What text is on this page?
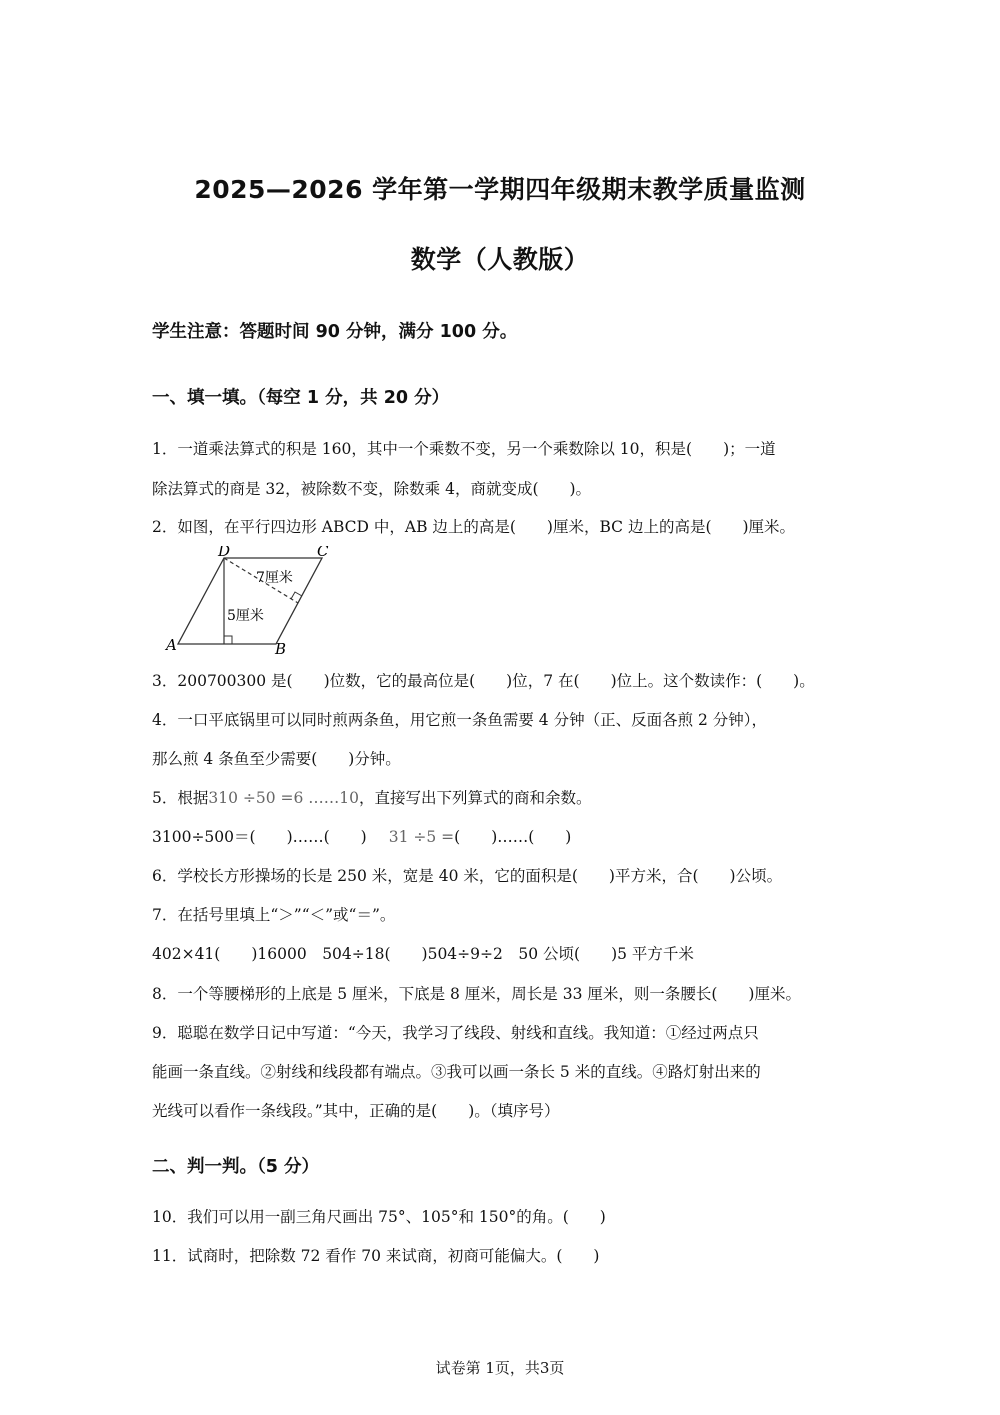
2025—2026 学年第一学期四年级期末教学质量监测
数学（人教版）
学生注意：答题时间 90 分钟，满分 100 分。
一、填一填。（每空 1 分，共 20 分）
1．一道乘法算式的积是 160，其中一个乘数不变，另一个乘数除以 10，积是(　　)；一道
除法算式的商是 32，被除数不变，除数乘 4，商就变成(　　)。
2．如图，在平行四边形 ABCD 中，AB 边上的高是(　　)厘米，BC 边上的高是(　　)厘米。
D	C
A	B
7厘米
5厘米
3．200700300 是(　　)位数，它的最高位是(　　)位，7 在(　　)位上。这个数读作：(　　)。
4．一口平底锅里可以同时煎两条鱼，用它煎一条鱼需要 4 分钟（正、反面各煎 2 分钟），
那么煎 4 条鱼至少需要(　　)分钟。
5．根据310 ÷50 =6 ……10，直接写出下列算式的商和余数。
3100÷500＝(　　)……(　　) 31 ÷5 =(　　)……(　　)
6．学校长方形操场的长是 250 米，宽是 40 米，它的面积是(　　)平方米，合(　　)公顷。
7．在括号里填上“＞”“＜”或“＝”。
402×41(　　)16000　504÷18(　　)504÷9÷2　50 公顷(　　)5 平方千米
8．一个等腰梯形的上底是 5 厘米，下底是 8 厘米，周长是 33 厘米，则一条腰长(　　)厘米。
9．聪聪在数学日记中写道：“今天，我学习了线段、射线和直线。我知道：①经过两点只
能画一条直线。②射线和线段都有端点。③我可以画一条长 5 米的直线。④路灯射出来的
光线可以看作一条线段。”其中，正确的是(　　)。（填序号）
二、判一判。（5 分）
10．我们可以用一副三角尺画出 75°、105°和 150°的角。(　　)
11．试商时，把除数 72 看作 70 来试商，初商可能偏大。(　　)
试卷第 1页，共3页
